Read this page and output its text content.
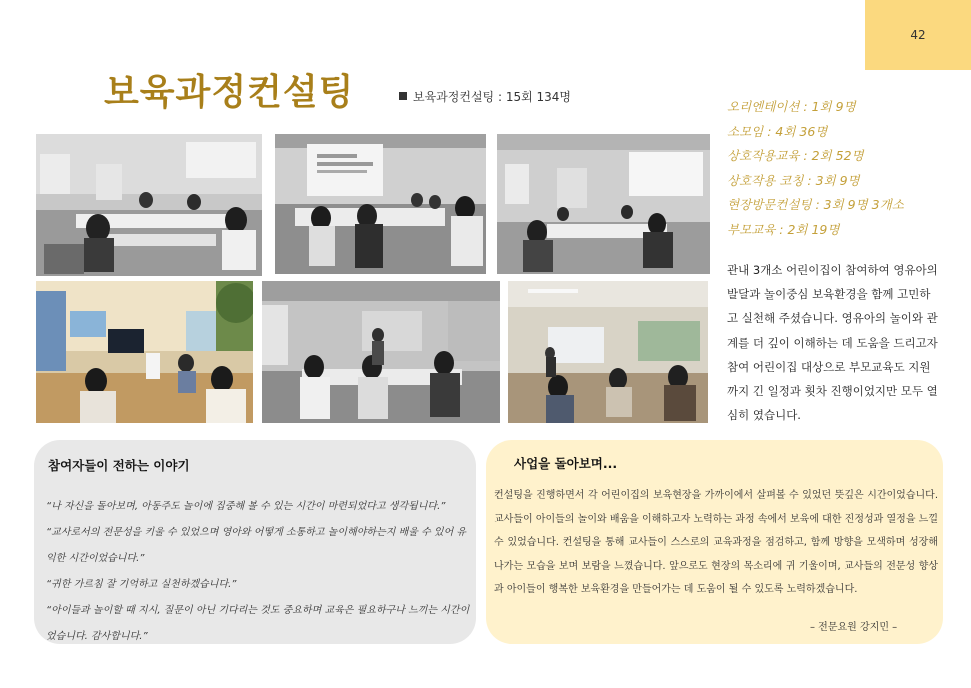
42
보육과정컨설팅	보육과정컨설팅 : 15회 134명
오리엔테이션 : 1회 9명
소모임 : 4회 36명
상호작용교육 : 2회 52명
상호작용 코칭 : 3회 9명
현장방문컨설팅 : 3회 9명 3개소
부모교육 : 2회 19명
관내 3개소 어린이집이 참여하여 영유아의 발달과 놀이중심 보육환경을 함께 고민하고 실천해 주셨습니다. 영유아의 놀이와 관계를 더 깊이 이해하는 데 도움을 드리고자 참여 어린이집 대상으로 부모교육도 지원까지 긴 일정과 횟차 진행이었지만 모두 열심히 였습니다.
참여자들이 전하는 이야기
“나 자신을 돌아보며, 아동주도 놀이에 집중해 볼 수 있는 시간이 마련되었다고 생각됩니다.”
“교사로서의 전문성을 키울 수 있었으며 영아와 어떻게 소통하고 놀이해야하는지 배울 수 있어 유익한 시간이었습니다.”
“귀한 가르침 잘 기억하고 실천하겠습니다.”
“아이들과 놀이할 때 지시, 질문이 아닌 기다리는 것도 중요하며 교육은 필요하구나 느끼는 시간이었습니다. 감사합니다.”
사업을 돌아보며...
컨설팅을 진행하면서 각 어린이집의 보육현장을 가까이에서 살펴볼 수 있었던 뜻깊은 시간이었습니다. 교사들이 아이들의 놀이와 배움을 이해하고자 노력하는 과정 속에서 보육에 대한 진정성과 열정을 느낄 수 있었습니다. 컨설팅을 통해 교사들이 스스로의 교육과정을 점검하고, 함께 방향을 모색하며 성장해 나가는 모습을 보며 보람을 느꼈습니다. 앞으로도 현장의 목소리에 귀 기울이며, 교사들의 전문성 향상과 아이들이 행복한 보육환경을 만들어가는 데 도움이 될 수 있도록 노력하겠습니다.
– 전문요원 강지민 –
